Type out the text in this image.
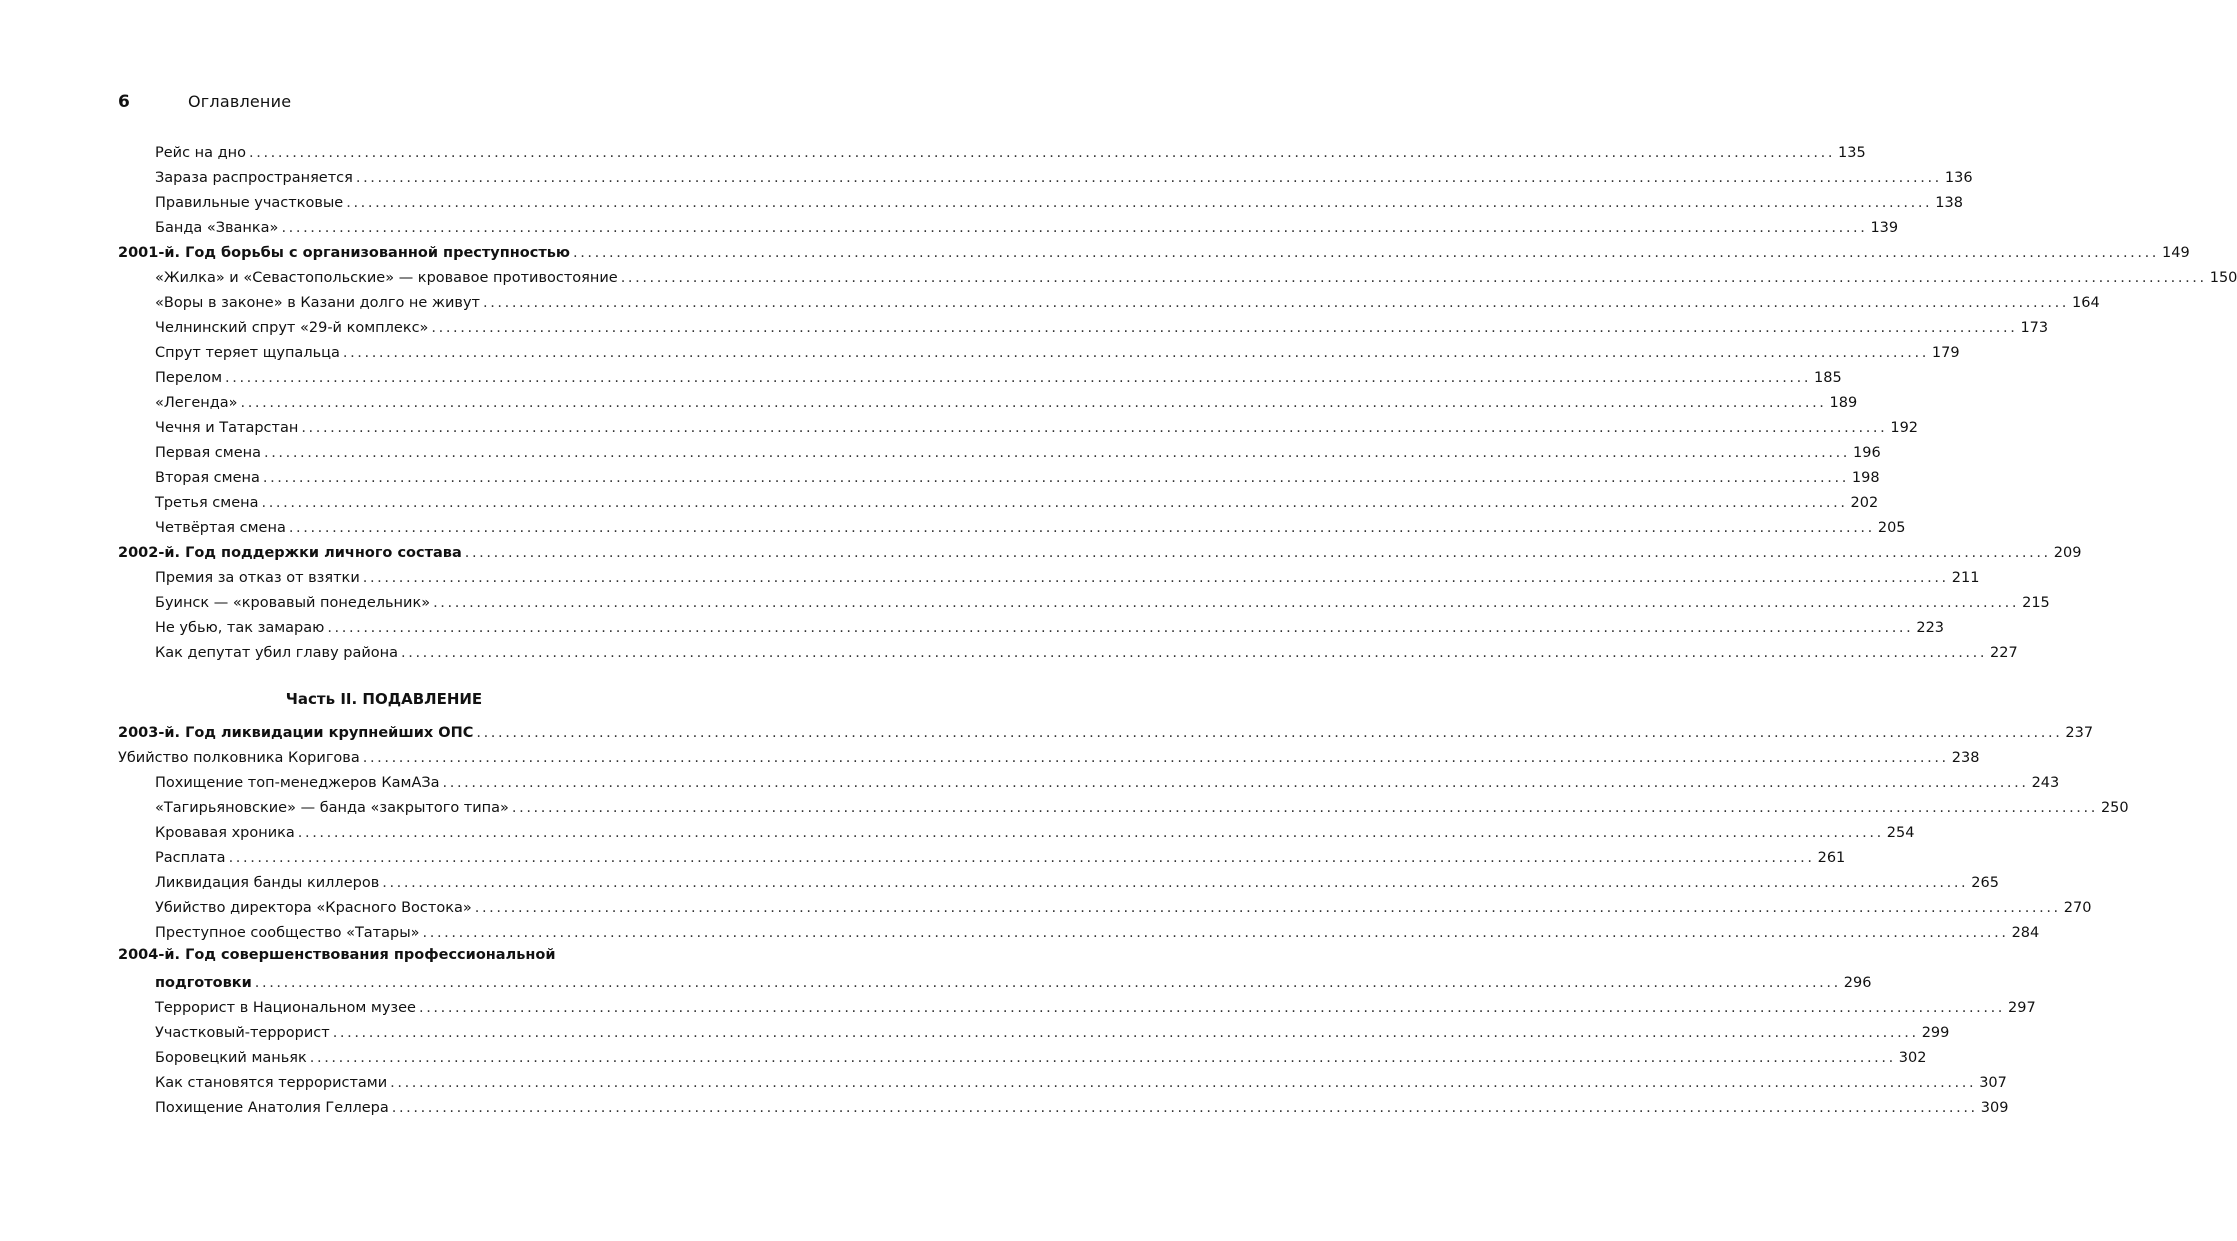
6	Оглавление
Рейс на дно ............................................................................................................................................................................................................................ 135
Зараза распространяется ............................................................................................................................................................................................................................ 136
Правильные участковые ............................................................................................................................................................................................................................ 138
Банда «Званка» ............................................................................................................................................................................................................................ 139
2001-й. Год борьбы с организованной преступностью ............................................................................................................................................................................................................................ 149
«Жилка» и «Севастопольские» — кровавое противостояние ............................................................................................................................................................................................................................ 150
«Воры в законе» в Казани долго не живут ............................................................................................................................................................................................................................ 164
Челнинский спрут «29-й комплекс» ............................................................................................................................................................................................................................ 173
Спрут теряет щупальца ............................................................................................................................................................................................................................ 179
Перелом ............................................................................................................................................................................................................................ 185
«Легенда» ............................................................................................................................................................................................................................ 189
Чечня и Татарстан ............................................................................................................................................................................................................................ 192
Первая смена ............................................................................................................................................................................................................................ 196
Вторая смена ............................................................................................................................................................................................................................ 198
Третья смена ............................................................................................................................................................................................................................ 202
Четвёртая смена ............................................................................................................................................................................................................................ 205
2002-й. Год поддержки личного состава ............................................................................................................................................................................................................................ 209
Премия за отказ от взятки ............................................................................................................................................................................................................................ 211
Буинск — «кровавый понедельник» ............................................................................................................................................................................................................................ 215
Не убью, так замараю ............................................................................................................................................................................................................................ 223
Как депутат убил главу района ............................................................................................................................................................................................................................ 227
2003-й. Год ликвидации крупнейших ОПС ............................................................................................................................................................................................................................ 237
Убийство полковника Коригова ............................................................................................................................................................................................................................ 238
Похищение топ-менеджеров КамАЗа ............................................................................................................................................................................................................................ 243
«Тагирьяновские» — банда «закрытого типа» ............................................................................................................................................................................................................................ 250
Кровавая хроника ............................................................................................................................................................................................................................ 254
Расплата ............................................................................................................................................................................................................................ 261
Ликвидация банды киллеров ............................................................................................................................................................................................................................ 265
Убийство директора «Красного Востока» ............................................................................................................................................................................................................................ 270
Преступное сообщество «Татары» ............................................................................................................................................................................................................................ 284
2004-й. Год совершенствования профессиональной
подготовки ............................................................................................................................................................................................................................ 296
Террорист в Национальном музее ............................................................................................................................................................................................................................ 297
Участковый-террорист ............................................................................................................................................................................................................................ 299
Боровецкий маньяк ............................................................................................................................................................................................................................ 302
Как становятся террористами ............................................................................................................................................................................................................................ 307
Похищение Анатолия Геллера ............................................................................................................................................................................................................................ 309
Часть II. ПОДАВЛЕНИЕ
